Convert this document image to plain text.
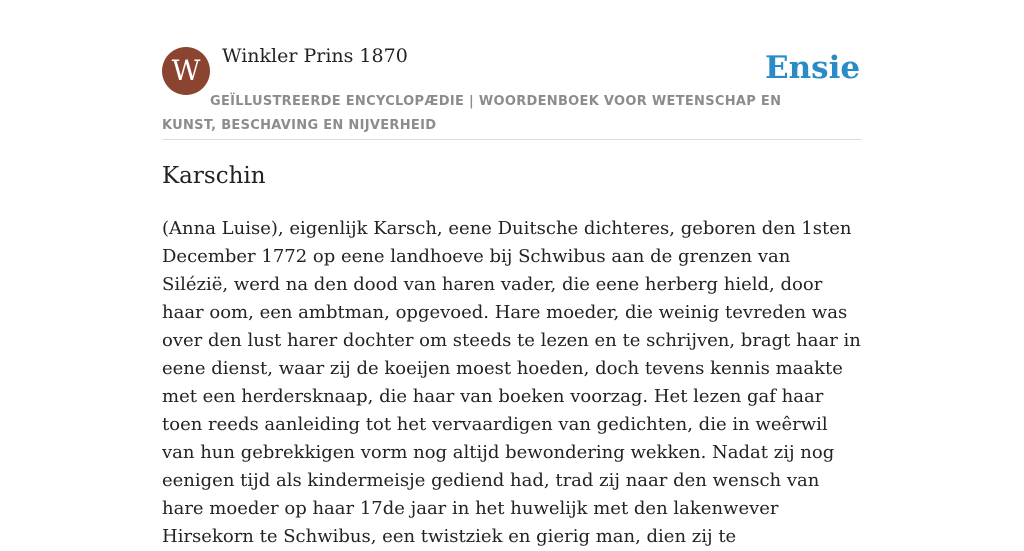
W	Winkler Prins 1870	Ensie
GEÏLLUSTREERDE ENCYCLOPÆDIE | WOORDENBOEK VOOR WETENSCHAP EN KUNST, BESCHAVING EN NIJVERHEID
Karschin

(Anna Luise), eigenlijk Karsch, eene Duitsche dichteres, geboren den 1sten December 1772 op eene landhoeve bij Schwibus aan de grenzen van Silézië, werd na den dood van haren vader, die eene herberg hield, door haar oom, een ambtman, opgevoed. Hare moeder, die weinig tevreden was over den lust harer dochter om steeds te lezen en te schrijven, bragt haar in eene dienst, waar zij de koeijen moest hoeden, doch tevens kennis maakte met een herdersknaap, die haar van boeken voorzag. Het lezen gaf haar toen reeds aanleiding tot het vervaardigen van gedichten, die in weêrwil van hun gebrekkigen vorm nog altijd bewondering wekken. Nadat zij nog eenigen tijd als kindermeisje gediend had, trad zij naar den wensch van hare moeder op haar 17de jaar in het huwelijk met den lakenwever Hirsekorn te Schwibus, een twistziek en gierig man, dien zij te
